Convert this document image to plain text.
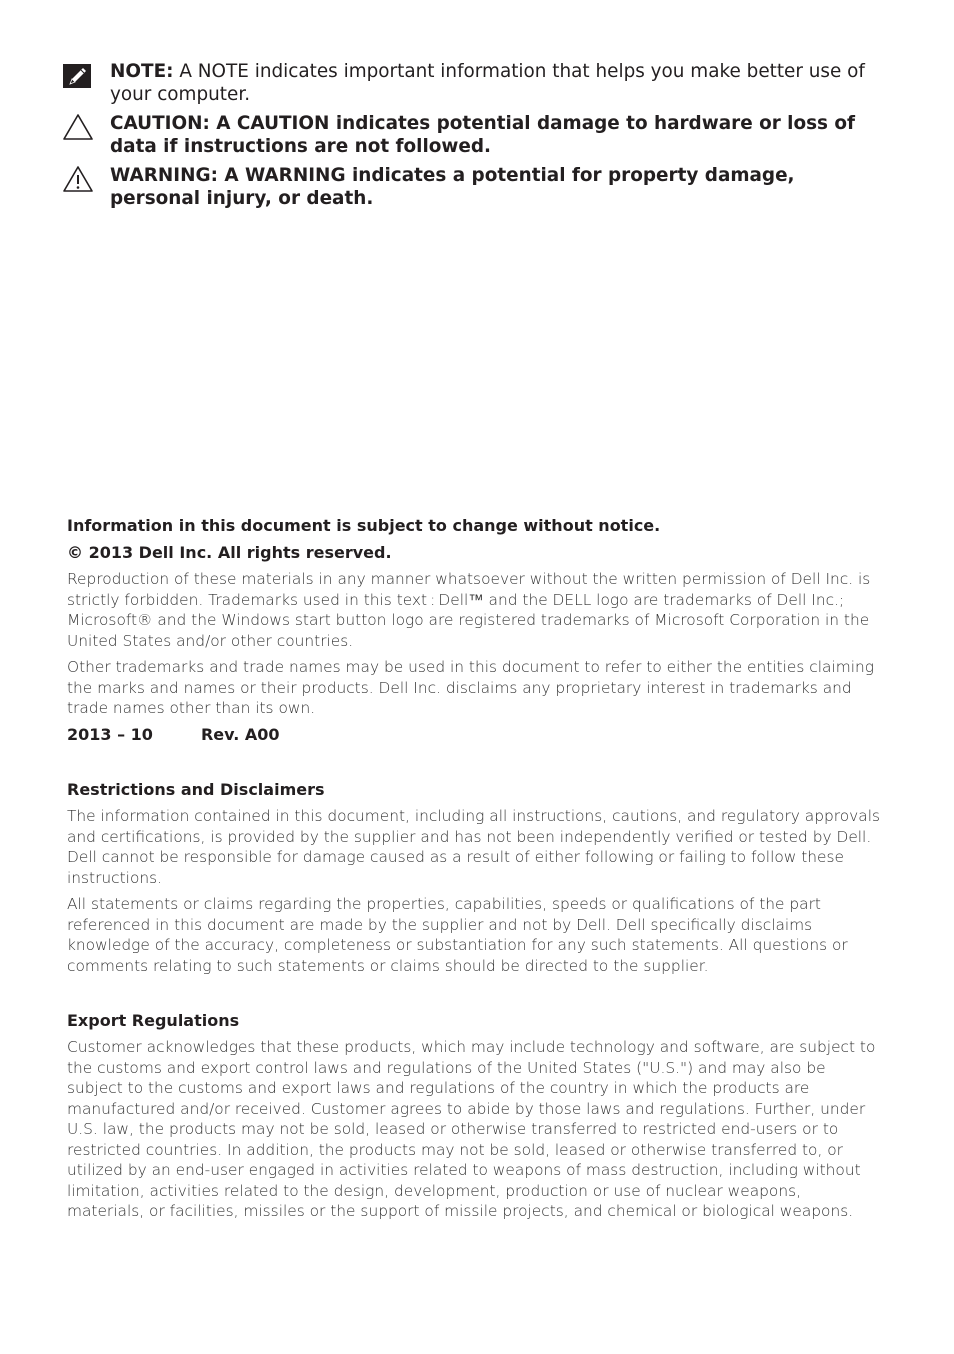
NOTE: A NOTE indicates important information that helps you make better use of your computer.
CAUTION: A CAUTION indicates potential damage to hardware or loss of data if instructions are not followed.
WARNING: A WARNING indicates a potential for property damage, personal injury, or death.

Information in this document is subject to change without notice.

© 2013 Dell Inc. All rights reserved.

Reproduction of these materials in any manner whatsoever without the written permission of Dell Inc. is strictly forbidden. Trademarks used in this text : Dell™ and the DELL logo are trademarks of Dell Inc.; Microsoft® and the Windows start button logo are registered trademarks of Microsoft Corporation in the United States and/or other countries.

Other trademarks and trade names may be used in this document to refer to either the entities claiming the marks and names or their products. Dell Inc. disclaims any proprietary interest in trademarks and trade names other than its own.

2013 – 10	Rev. A00

Restrictions and Disclaimers

The information contained in this document, including all instructions, cautions, and regulatory approvals and certifications, is provided by the supplier and has not been independently verified or tested by Dell. Dell cannot be responsible for damage caused as a result of either following or failing to follow these instructions.

All statements or claims regarding the properties, capabilities, speeds or qualifications of the part referenced in this document are made by the supplier and not by Dell. Dell specifically disclaims knowledge of the accuracy, completeness or substantiation for any such statements. All questions or comments relating to such statements or claims should be directed to the supplier.

Export Regulations

Customer acknowledges that these products, which may include technology and software, are subject to the customs and export control laws and regulations of the United States ("U.S.") and may also be subject to the customs and export laws and regulations of the country in which the products are manufactured and/or received. Customer agrees to abide by those laws and regulations. Further, under U.S. law, the products may not be sold, leased or otherwise transferred to restricted end-users or to restricted countries. In addition, the products may not be sold, leased or otherwise transferred to, or utilized by an end-user engaged in activities related to weapons of mass destruction, including without limitation, activities related to the design, development, production or use of nuclear weapons, materials, or facilities, missiles or the support of missile projects, and chemical or biological weapons.
